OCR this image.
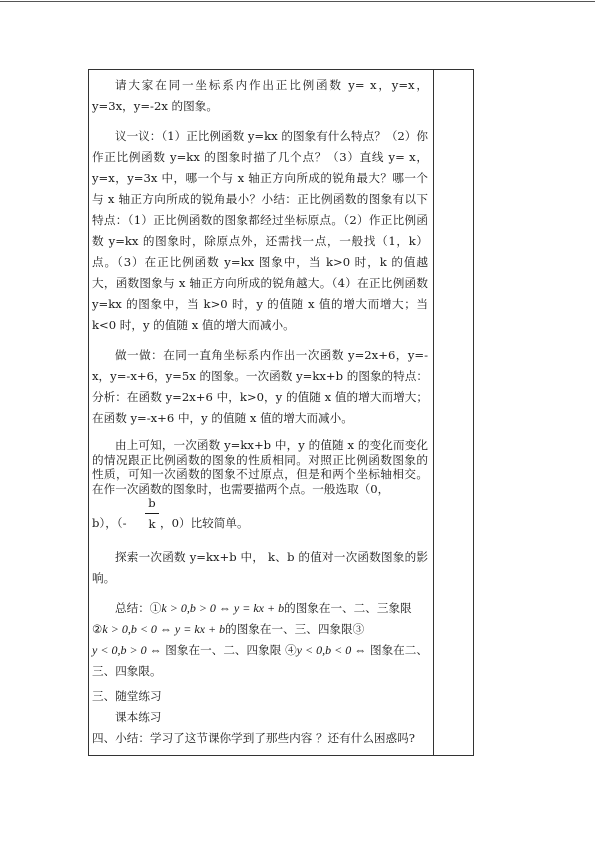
请大家在同一坐标系内作出正比例函数 y= x，y=x，y=3x，y=-2x 的图象。

议一议：（1）正比例函数 y=kx 的图象有什么特点？（2）你作正比例函数 y=kx 的图象时描了几个点？（3）直线 y= x，y=x，y=3x 中，哪一个与 x 轴正方向所成的锐角最大？哪一个与 x 轴正方向所成的锐角最小？小结：正比例函数的图象有以下特点：（1）正比例函数的图象都经过坐标原点。（2）作正比例函数 y=kx 的图象时，除原点外，还需找一点，一般找（1，k）点。（3）在正比例函数 y=kx 图象中，当 k>0 时，k 的值越大，函数图象与 x 轴正方向所成的锐角越大。（4）在正比例函数 y=kx 的图象中，当 k>0 时，y 的值随 x 值的增大而增大；当 k<0 时，y 的值随 x 值的增大而减小。

做一做：在同一直角坐标系内作出一次函数 y=2x+6，y=-x，y=-x+6，y=5x 的图象。一次函数 y=kx+b 的图象的特点：分析：在函数 y=2x+6 中，k>0，y 的值随 x 值的增大而增大；在函数 y=-x+6 中，y 的值随 x 值的增大而减小。

由上可知，一次函数 y=kx+b 中，y 的值随 x 的变化而变化的情况跟正比例函数的图象的性质相同。对照正比例函数图象的性质，可知一次函数的图象不过原点，但是和两个坐标轴相交。在作一次函数的图象时，也需要描两个点。一般选取（0，

b），（-
b
k ，0）比较简单。

探索一次函数 y=kx+b 中， k、b 的值对一次函数图象的影响。

总结：①k > 0,b > 0 ⇔ y = kx + b的图象在一、二、三象限

②k > 0,b < 0 ⇔ y = kx + b的图象在一、三、四象限③

y < 0,b > 0 ⇔ 图象在一、二、四象限 ④y < 0,b < 0 ⇔ 图象在二、三、四象限。

三、随堂练习

课本练习

四、小结：学习了这节课你学到了那些内容 ？还有什么困惑吗?
